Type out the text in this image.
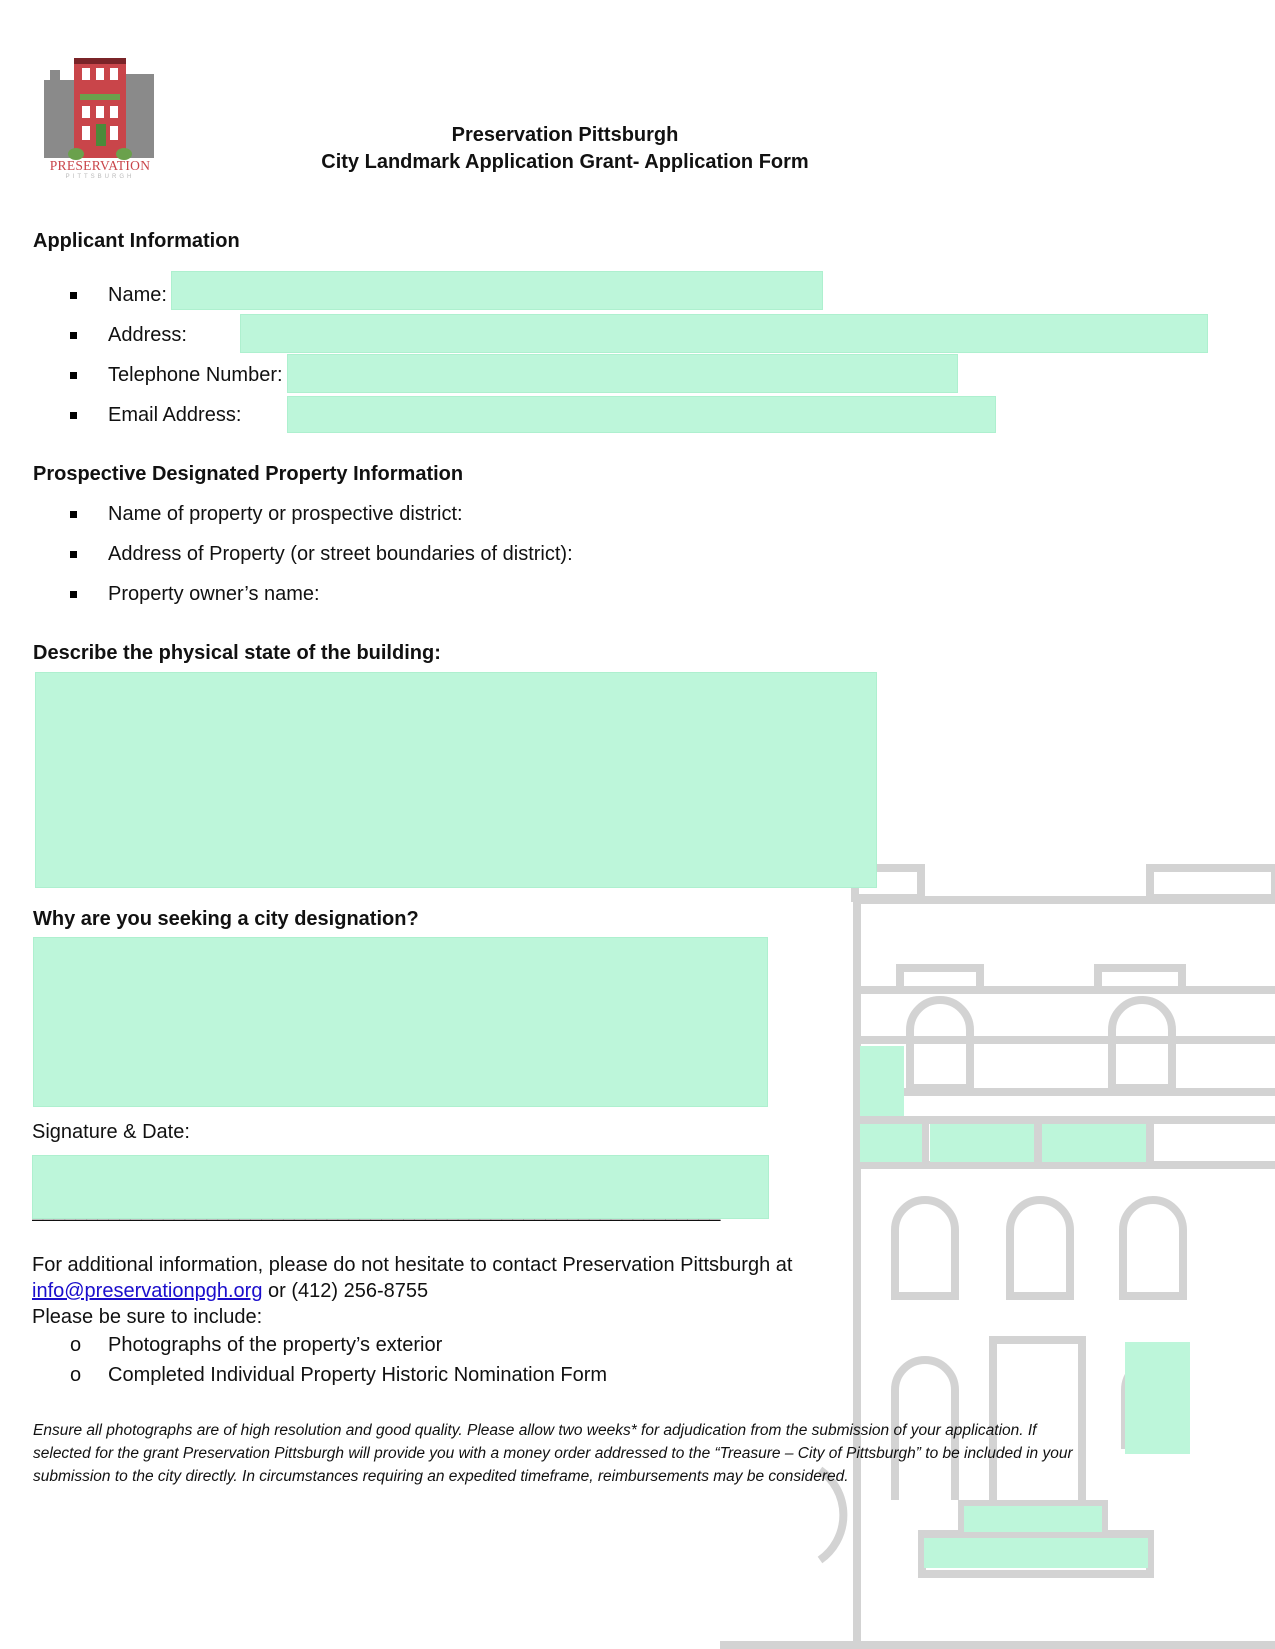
PRESERVATION
PITTSBURGH
Preservation Pittsburgh
City Landmark Application Grant- Application Form
Applicant Information
Name:
Address:
Telephone Number:
Email Address:
Prospective Designated Property Information
Name of property or prospective district:
Address of Property (or street boundaries of district):
Property owner’s name:
Describe the physical state of the building:
Why are you seeking a city designation?
Signature & Date:
_______________________________________________________________
For additional information, please do not hesitate to contact Preservation Pittsburgh at
info@preservationpgh.org or (412) 256-8755
Please be sure to include:
o Photographs of the property’s exterior
o Completed Individual Property Historic Nomination Form
Ensure all photographs are of high resolution and good quality. Please allow two weeks* for adjudication from the submission of your application. If selected for the grant Preservation Pittsburgh will provide you with a money order addressed to the “Treasure – City of Pittsburgh” to be included in your submission to the city directly. In circumstances requiring an expedited timeframe, reimbursements may be considered.
